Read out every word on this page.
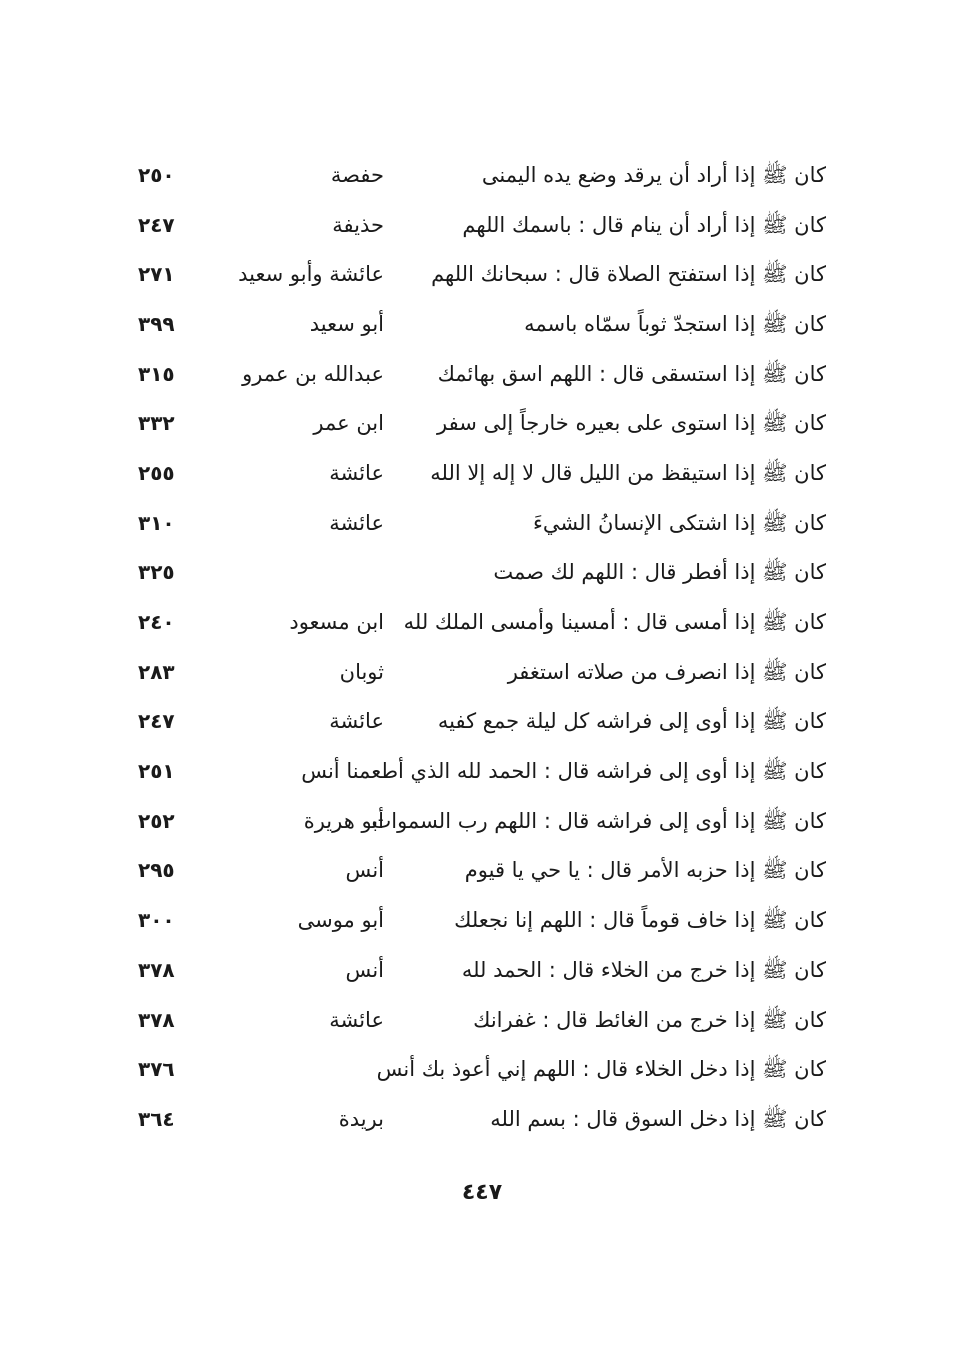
كان ﷺ إذا أراد أن يرقد وضع يده اليمنى
حفصة
٢٥٠
كان ﷺ إذا أراد أن ينام قال : باسمك اللهم
حذيفة
٢٤٧
كان ﷺ إذا استفتح الصلاة قال : سبحانك اللهم
عائشة وأبو سعيد
٢٧١
كان ﷺ إذا استجدّ ثوباً سمّاه باسمه
أبو سعيد
٣٩٩
كان ﷺ إذا استسقى قال : اللهم اسق بهائمك
عبدالله بن عمرو
٣١٥
كان ﷺ إذا استوى على بعيره خارجاً إلى سفر
ابن عمر
٣٣٢
كان ﷺ إذا استيقظ من الليل قال لا إله إلا الله
عائشة
٢٥٥
كان ﷺ إذا اشتكى الإنسانُ الشيءَ
عائشة
٣١٠
كان ﷺ إذا أفطر قال : اللهم لك صمت
٣٢٥
كان ﷺ إذا أمسى قال : أمسينا وأمسى الملك لله
ابن مسعود
٢٤٠
كان ﷺ إذا انصرف من صلاته استغفر
ثوبان
٢٨٣
كان ﷺ إذا أوى إلى فراشه كل ليلة جمع كفيه
عائشة
٢٤٧
كان ﷺ إذا أوى إلى فراشه قال : الحمد لله الذي أطعمنا أنس
٢٥١
كان ﷺ إذا أوى إلى فراشه قال : اللهم رب السموات
أبو هريرة
٢٥٢
كان ﷺ إذا حزبه الأمر قال : يا حي يا قيوم
أنس
٢٩٥
كان ﷺ إذا خاف قوماً قال : اللهم إنا نجعلك
أبو موسى
٣٠٠
كان ﷺ إذا خرج من الخلاء قال : الحمد لله
أنس
٣٧٨
كان ﷺ إذا خرج من الغائط قال : غفرانك
عائشة
٣٧٨
كان ﷺ إذا دخل الخلاء قال : اللهم إني أعوذ بك أنس
٣٧٦
كان ﷺ إذا دخل السوق قال : بسم الله
بريدة
٣٦٤
٤٤٧
